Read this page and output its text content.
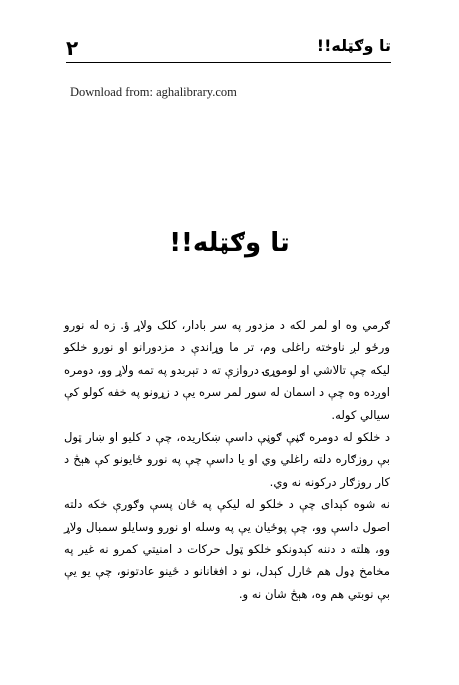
۲	تا وګټله!!
Download from: aghalibrary.com
تا وګټله!!

ګرمي وه او لمر لکه د مزدور په سر بادار، کلک ولاړ ؤ. زه له نورو ورځو لږ ناوخته راغلی وم، تر ما وړاندې د مزدورانو او نورو خلکو لیکه چې تالاشي او لوموړۍ دروازې ته د تېربدو په تمه ولاړ وو، دومره اوږده وه چې د اسمان له سور لمر سره یې د زړونو په خفه کولو کې سیالي کوله.

د خلکو له دومره ګڼې ګوڼې داسې ښکاریده، چې د کلیو او ښار ټول بې روزګاره دلته راغلي وي او یا داسې چې په نورو ځایونو کې هېڅ د کار روزګار درکونه نه وي.

نه شوه کېدای چې د خلکو له لیکې په ځان پسې وګورې خکه دلته اصول داسې وو، چې پوځیان یې په وسله او نورو وسایلو سمبال ولاړ وو، هلته د دننه کېدونکو خلکو ټول حرکات د امنیتي کمرو نه غیر په مخامخ ډول هم څارل کېدل، نو د افغانانو د ځینو عادتونو، چې یو یې بې نوبتي هم وه، هېڅ شان نه و.
